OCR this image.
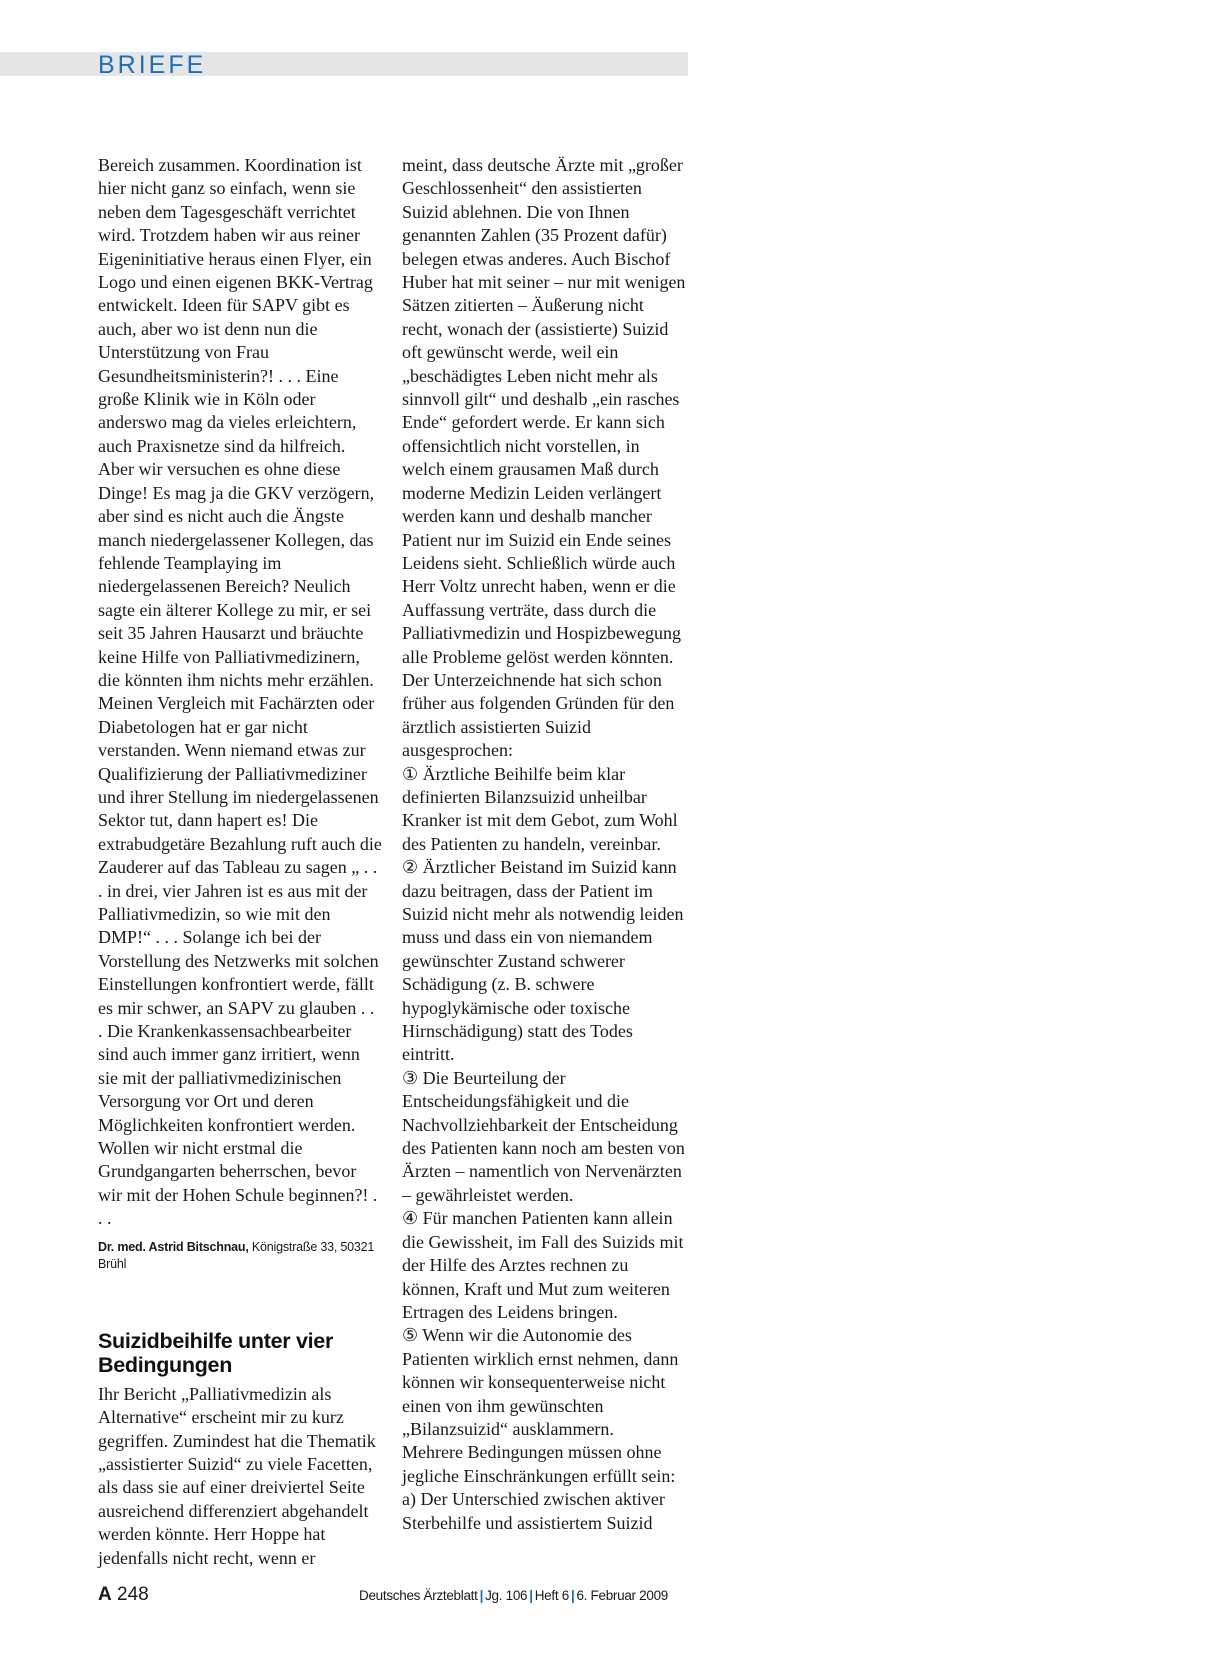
BRIEFE

Bereich zusammen. Koordination ist hier nicht ganz so einfach, wenn sie neben dem Tagesgeschäft verrichtet wird. Trotzdem haben wir aus reiner Eigeninitiative heraus einen Flyer, ein Logo und einen eigenen BKK-Vertrag entwickelt. Ideen für SAPV gibt es auch, aber wo ist denn nun die Unterstützung von Frau Gesundheitsministerin?! . . . Eine große Klinik wie in Köln oder anderswo mag da vieles erleichtern, auch Praxisnetze sind da hilfreich. Aber wir versuchen es ohne diese Dinge! Es mag ja die GKV verzögern, aber sind es nicht auch die Ängste manch niedergelassener Kollegen, das fehlende Teamplaying im niedergelassenen Bereich? Neulich sagte ein älterer Kollege zu mir, er sei seit 35 Jahren Hausarzt und bräuchte keine Hilfe von Palliativmedizinern, die könnten ihm nichts mehr erzählen. Meinen Vergleich mit Fachärzten oder Diabetologen hat er gar nicht verstanden. Wenn niemand etwas zur Qualifizierung der Palliativmediziner und ihrer Stellung im niedergelassenen Sektor tut, dann hapert es! Die extrabudgetäre Bezahlung ruft auch die Zauderer auf das Tableau zu sagen „ . . . in drei, vier Jahren ist es aus mit der Palliativmedizin, so wie mit den DMP!“ . . . Solange ich bei der Vorstellung des Netzwerks mit solchen Einstellungen konfrontiert werde, fällt es mir schwer, an SAPV zu glauben . . . Die Krankenkassensachbearbeiter sind auch immer ganz irritiert, wenn sie mit der palliativmedizinischen Versorgung vor Ort und deren Möglichkeiten konfrontiert werden. Wollen wir nicht erstmal die Grundgangarten beherrschen, bevor wir mit der Hohen Schule beginnen?! . . .

Dr. med. Astrid Bitschnau, Königstraße 33, 50321 Brühl

Suizidbeihilfe unter vier Bedingungen

Ihr Bericht „Palliativmedizin als Alternative“ erscheint mir zu kurz gegriffen. Zumindest hat die Thematik „assistierter Suizid“ zu viele Facetten, als dass sie auf einer dreiviertel Seite ausreichend differenziert abgehandelt werden könnte. Herr Hoppe hat jedenfalls nicht recht, wenn er

meint, dass deutsche Ärzte mit „großer Geschlossenheit“ den assistierten Suizid ablehnen. Die von Ihnen genannten Zahlen (35 Prozent dafür) belegen etwas anderes. Auch Bischof Huber hat mit seiner – nur mit wenigen Sätzen zitierten – Äußerung nicht recht, wonach der (assistierte) Suizid oft gewünscht werde, weil ein „beschädigtes Leben nicht mehr als sinnvoll gilt“ und deshalb „ein rasches Ende“ gefordert werde. Er kann sich offensichtlich nicht vorstellen, in welch einem grausamen Maß durch moderne Medizin Leiden verlängert werden kann und deshalb mancher Patient nur im Suizid ein Ende seines Leidens sieht. Schließlich würde auch Herr Voltz unrecht haben, wenn er die Auffassung verträte, dass durch die Palliativmedizin und Hospizbewegung alle Probleme gelöst werden könnten. Der Unterzeichnende hat sich schon früher aus folgenden Gründen für den ärztlich assistierten Suizid ausgesprochen:

① Ärztliche Beihilfe beim klar definierten Bilanzsuizid unheilbar Kranker ist mit dem Gebot, zum Wohl des Patienten zu handeln, vereinbar.

② Ärztlicher Beistand im Suizid kann dazu beitragen, dass der Patient im Suizid nicht mehr als notwendig leiden muss und dass ein von niemandem gewünschter Zustand schwerer Schädigung (z. B. schwere hypoglykämische oder toxische Hirnschädigung) statt des Todes eintritt.

③ Die Beurteilung der Entscheidungsfähigkeit und die Nachvollziehbarkeit der Entscheidung des Patienten kann noch am besten von Ärzten – namentlich von Nervenärzten – gewährleistet werden.

④ Für manchen Patienten kann allein die Gewissheit, im Fall des Suizids mit der Hilfe des Arztes rechnen zu können, Kraft und Mut zum weiteren Ertragen des Leidens bringen.

⑤ Wenn wir die Autonomie des Patienten wirklich ernst nehmen, dann können wir konsequenterweise nicht einen von ihm gewünschten „Bilanzsuizid“ ausklammern.

Mehrere Bedingungen müssen ohne jegliche Einschränkungen erfüllt sein:

a) Der Unterschied zwischen aktiver Sterbehilfe und assistiertem Suizid

A 248	Deutsches Ärzteblatt | Jg. 106 | Heft 6 | 6. Februar 2009
